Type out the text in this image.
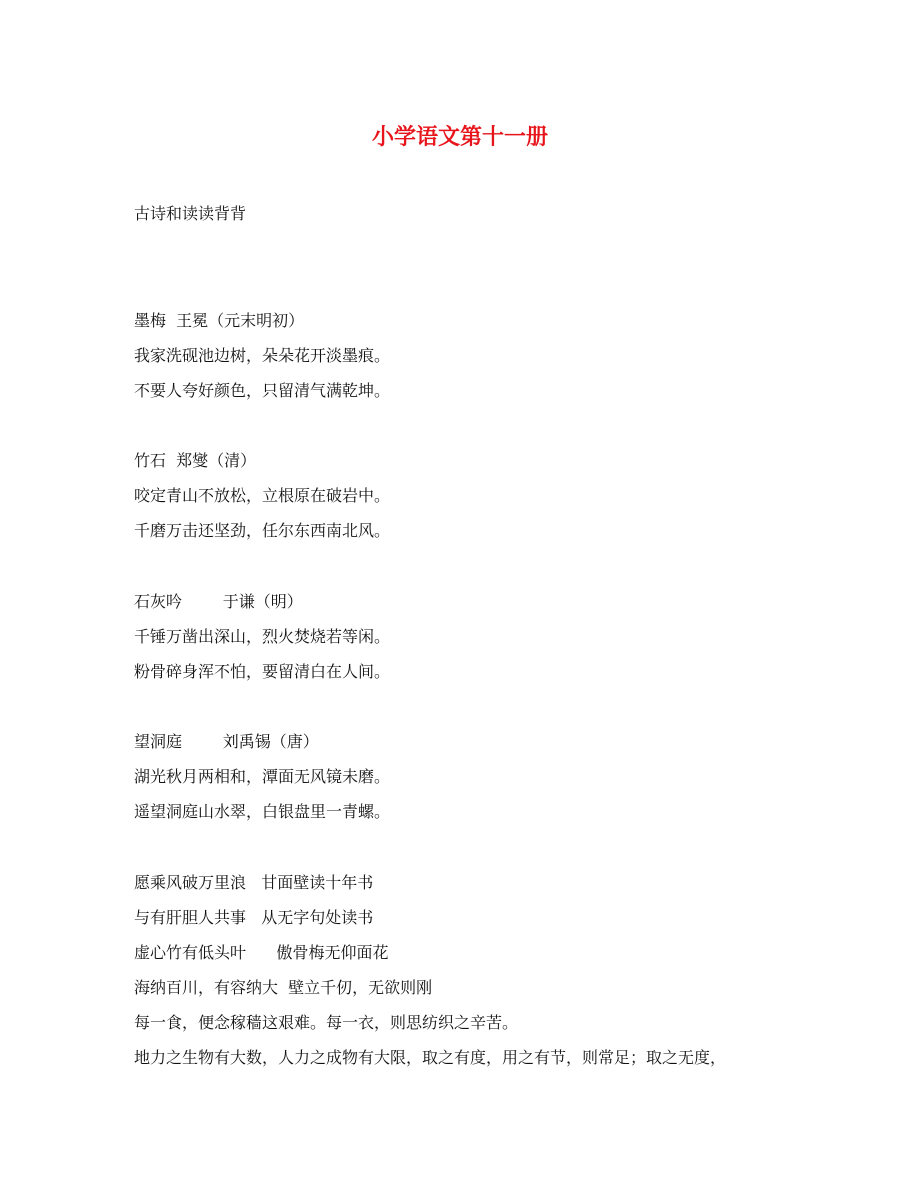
小学语文第十一册
古诗和读读背背
墨梅  王冕（元末明初）
我家洗砚池边树，朵朵花开淡墨痕。
不要人夸好颜色，只留清气满乾坤。
竹石  郑燮（清）
咬定青山不放松，立根原在破岩中。
千磨万击还坚劲，任尔东西南北风。
石灰吟        于谦（明）
千锤万凿出深山，烈火焚烧若等闲。
粉骨碎身浑不怕，要留清白在人间。
望洞庭        刘禹锡（唐）
湖光秋月两相和，潭面无风镜未磨。
遥望洞庭山水翠，白银盘里一青螺。
愿乘风破万里浪   甘面壁读十年书
与有肝胆人共事   从无字句处读书
虚心竹有低头叶      傲骨梅无仰面花
海纳百川，有容纳大  壁立千仞，无欲则刚
每一食，便念稼穑这艰难。每一衣，则思纺织之辛苦。
地力之生物有大数，人力之成物有大限，取之有度，用之有节，则常足；取之无度，
